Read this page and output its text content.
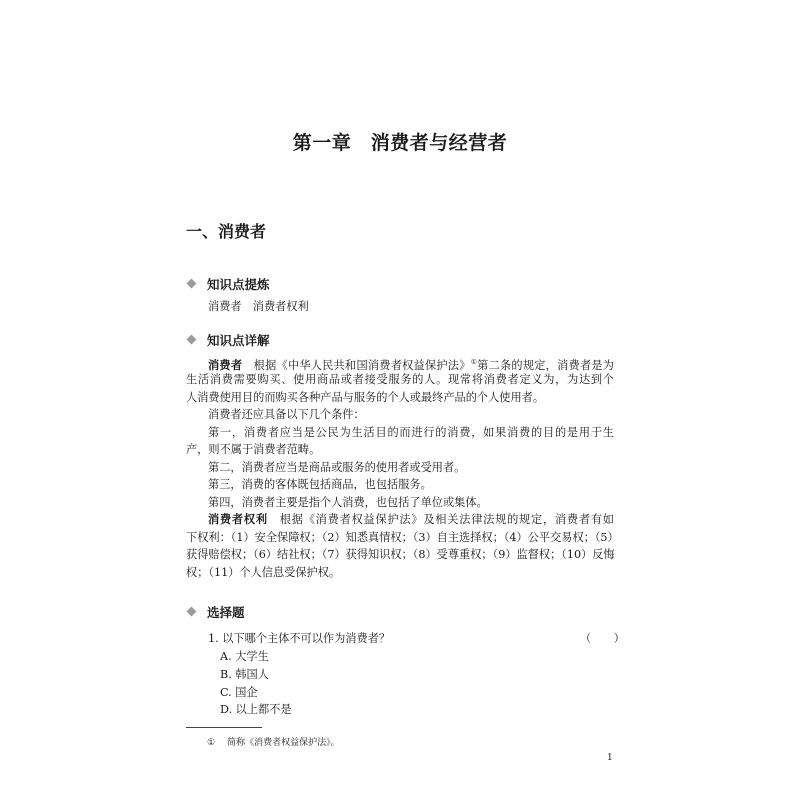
第一章　消费者与经营者
一、消费者
知识点提炼
消费者　消费者权利
知识点详解
消费者　根据《中华人民共和国消费者权益保护法》①第二条的规定，消费者是为
生活消费需要购买、使用商品或者接受服务的人。现常将消费者定义为，为达到个
人消费使用目的而购买各种产品与服务的个人或最终产品的个人使用者。
消费者还应具备以下几个条件：
第一，消费者应当是公民为生活目的而进行的消费，如果消费的目的是用于生
产，则不属于消费者范畴。
第二，消费者应当是商品或服务的使用者或受用者。
第三，消费的客体既包括商品，也包括服务。
第四，消费者主要是指个人消费，也包括了单位或集体。
消费者权利　根据《消费者权益保护法》及相关法律法规的规定，消费者有如
下权利：（1）安全保障权；（2）知悉真情权；（3）自主选择权；（4）公平交易权；（5）
获得赔偿权；（6）结社权；（7）获得知识权；（8）受尊重权；（9）监督权；（10）反悔
权；（11）个人信息受保护权。
选择题
1. 以下哪个主体不可以作为消费者？	（　　）
A. 大学生
B. 韩国人
C. 国企
D. 以上都不是
① 简称《消费者权益保护法》。
1
